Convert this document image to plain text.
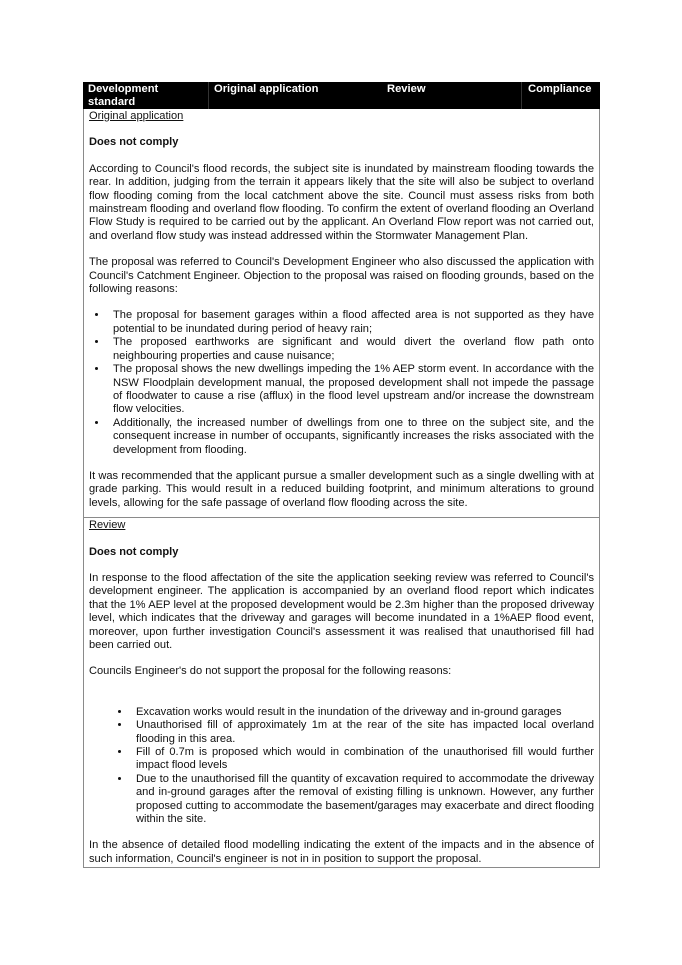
Development standard
Original application	Review	Compliance
Original application
Does not comply

According to Council's flood records, the subject site is inundated by mainstream flooding towards the rear. In addition, judging from the terrain it appears likely that the site will also be subject to overland flow flooding coming from the local catchment above the site. Council must assess risks from both mainstream flooding and overland flow flooding. To confirm the extent of overland flooding an Overland Flow Study is required to be carried out by the applicant. An Overland Flow report was not carried out, and overland flow study was instead addressed within the Stormwater Management Plan.

The proposal was referred to Council's Development Engineer who also discussed the application with Council's Catchment Engineer. Objection to the proposal was raised on flooding grounds, based on the following reasons:

• The proposal for basement garages within a flood affected area is not supported as they have potential to be inundated during period of heavy rain;
• The proposed earthworks are significant and would divert the overland flow path onto neighbouring properties and cause nuisance;
• The proposal shows the new dwellings impeding the 1% AEP storm event. In accordance with the NSW Floodplain development manual, the proposed development shall not impede the passage of floodwater to cause a rise (afflux) in the flood level upstream and/or increase the downstream flow velocities.
• Additionally, the increased number of dwellings from one to three on the subject site, and the consequent increase in number of occupants, significantly increases the risks associated with the development from flooding.

It was recommended that the applicant pursue a smaller development such as a single dwelling with at grade parking. This would result in a reduced building footprint, and minimum alterations to ground levels, allowing for the safe passage of overland flow flooding across the site.

Review
Does not comply

In response to the flood affectation of the site the application seeking review was referred to Council's development engineer. The application is accompanied by an overland flood report which indicates that the 1% AEP level at the proposed development would be 2.3m higher than the proposed driveway level, which indicates that the driveway and garages will become inundated in a 1%AEP flood event, moreover, upon further investigation Council's assessment it was realised that unauthorised fill had been carried out.

Councils Engineer's do not support the proposal for the following reasons:

• Excavation works would result in the inundation of the driveway and in-ground garages
• Unauthorised fill of approximately 1m at the rear of the site has impacted local overland flooding in this area.
• Fill of 0.7m is proposed which would in combination of the unauthorised fill would further impact flood levels
• Due to the unauthorised fill the quantity of excavation required to accommodate the driveway and in-ground garages after the removal of existing filling is unknown. However, any further proposed cutting to accommodate the basement/garages may exacerbate and direct flooding within the site.

In the absence of detailed flood modelling indicating the extent of the impacts and in the absence of such information, Council's engineer is not in in position to support the proposal.
